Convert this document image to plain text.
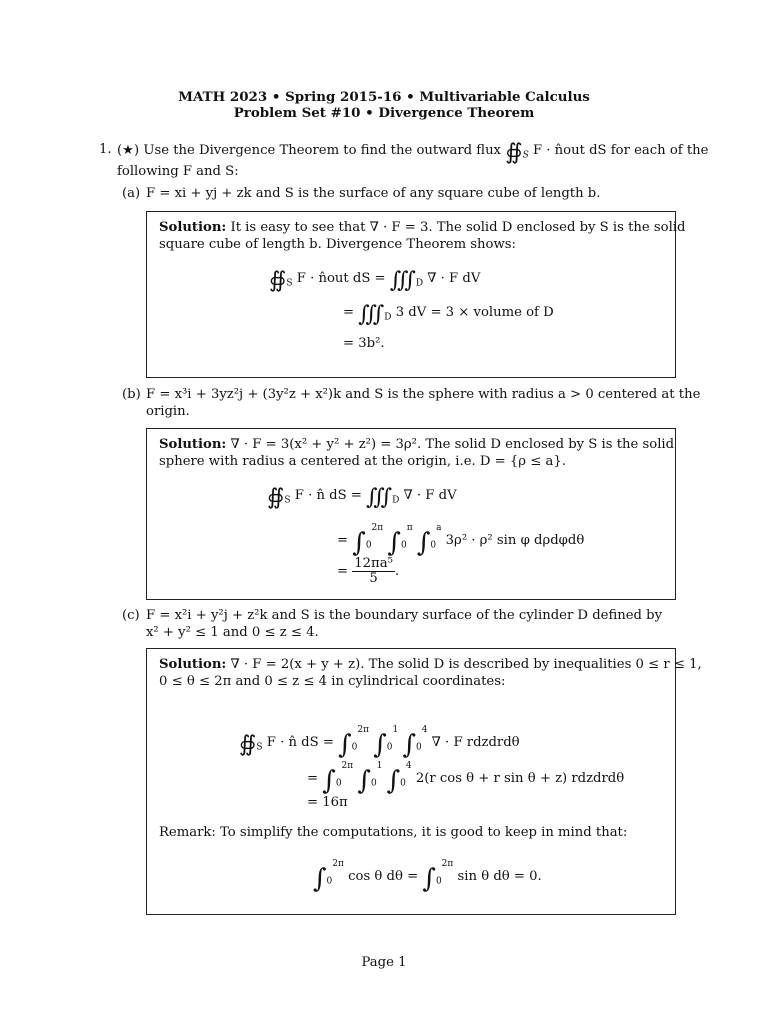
MATH 2023 • Spring 2015-16 • Multivariable Calculus
Problem Set #10 • Divergence Theorem
1. (★) Use the Divergence Theorem to find the outward flux $∯_S$ F · n̂out dS for each of the
following F and S:
(a) F = xi + yj + zk and S is the surface of any square cube of length b.
Solution: It is easy to see that ∇ · F = 3. The solid D enclosed by S is the solid
square cube of length b. Divergence Theorem shows:
$∯_S$ F · n̂out dS = $∭_D$ ∇ · F dV
= $∭_D$ 3 dV = 3 × volume of D
= 3b².
(b) F = x³i + 3yz²j + (3y²z + x²)k and S is the sphere with radius a > 0 centered at the
origin.
Solution: ∇ · F = 3(x² + y² + z²) = 3ρ². The solid D enclosed by S is the solid
sphere with radius a centered at the origin, i.e. D = {ρ ≤ a}.
$∯_S$ F · n̂ dS = $∭_D$ ∇ · F dV
= $\int_0^{2\pi}$ $\int_0^\pi$ $\int_0^a$ 3ρ² · ρ² sin φ dρdφdθ
= $\frac{\text{12πa⁵}}{5}$ .
(c) F = x²i + y²j + z²k and S is the boundary surface of the cylinder D defined by
x² + y² ≤ 1 and 0 ≤ z ≤ 4.
Solution: ∇ · F = 2(x + y + z). The solid D is described by inequalities 0 ≤ r ≤ 1,
0 ≤ θ ≤ 2π and 0 ≤ z ≤ 4 in cylindrical coordinates:
$∯_S$ F · n̂ dS = $\int_0^{2\pi}$ $\int_0^1$ $\int_0^4$ ∇ · F rdzdrdθ
= $\int_0^{2\pi}$ $\int_0^1$ $\int_0^4$ 2(r cos θ + r sin θ + z) rdzdrdθ
= 16π
Remark: To simplify the computations, it is good to keep in mind that:
$\int_0^{2\pi}$ cos θ $d\theta = \int_0^{2\pi}$ sin θ dθ = 0.
Page 1
